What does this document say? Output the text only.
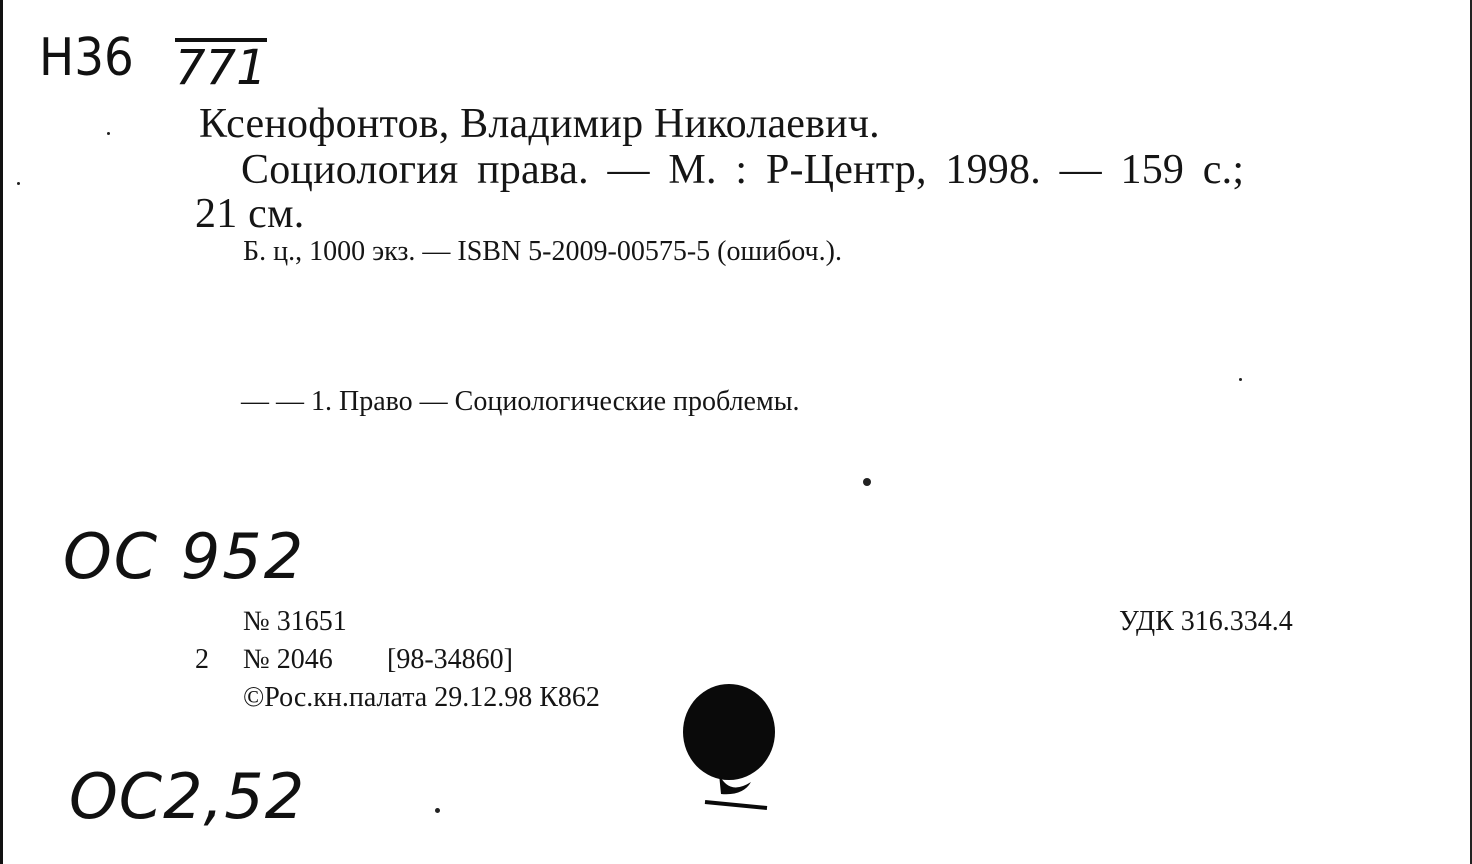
Н36 771
Ксенофонтов, Владимир Николаевич.
Социология права. — М. : Р-Центр, 1998. — 159 с.;
21 см.
Б. ц., 1000 экз. — ISBN 5-2009-00575-5 (ошибоч.).
— — 1. Право — Социологические проблемы.
ОС 952
ОС2,52
№ 31651
2 № 2046 [98-34860]
©Рос.кн.палата 29.12.98 К862
УДК 316.334.4
